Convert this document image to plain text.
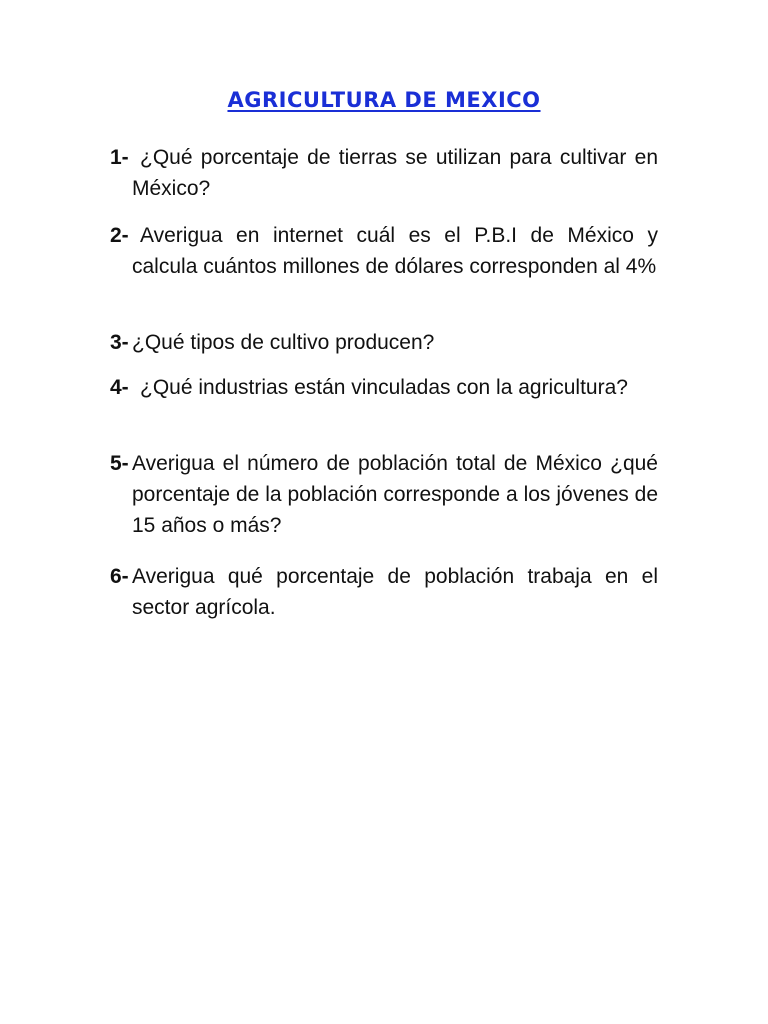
AGRICULTURA DE MEXICO
1- ¿Qué porcentaje de tierras se utilizan para cultivar en México?
2- Averigua en internet cuál es el P.B.I de México y calcula cuántos millones de dólares corresponden al 4%
3- ¿Qué tipos de cultivo producen?
4- ¿Qué industrias están vinculadas con la agricultura?
5- Averigua el número de población total de México ¿qué porcentaje de la población corresponde a los jóvenes de 15 años o más?
6- Averigua qué porcentaje de población trabaja en el sector agrícola.
